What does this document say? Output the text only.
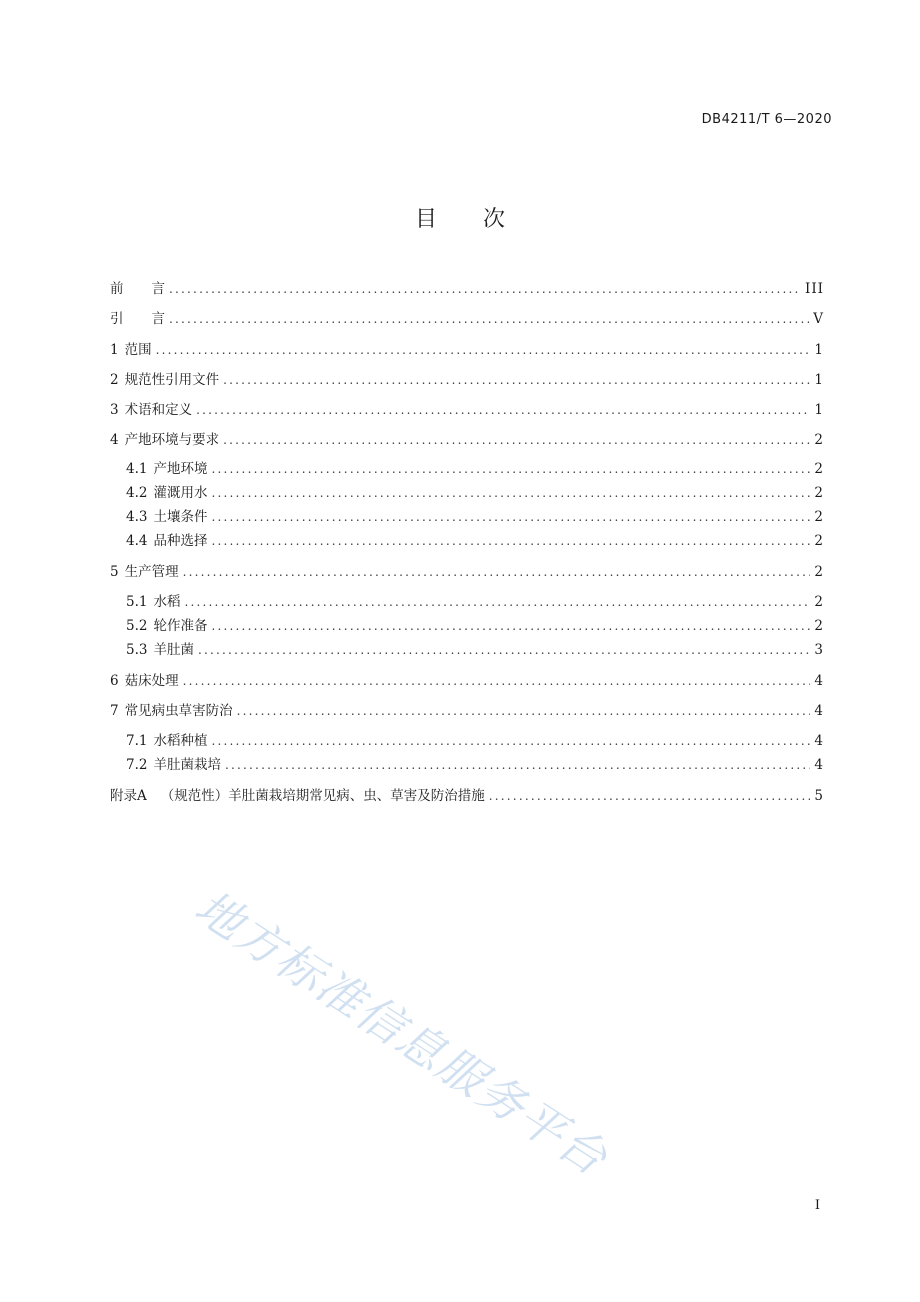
DB4211/T 6—2020
目 次
前 言 .....	III
引 言 .....	V
1 范围 .....	1
2 规范性引用文件 .....	1
3 术语和定义 .....	1
4 产地环境与要求 .....	2
4.1 产地环境 .....	2
4.2 灌溉用水 .....	2
4.3 土壤条件 .....	2
4.4 品种选择 .....	2
5 生产管理 .....	2
5.1 水稻 .....	2
5.2 轮作准备 .....	2
5.3 羊肚菌 .....	3
6 菇床处理 .....	4
7 常见病虫草害防治 .....	4
7.1 水稻种植 .....	4
7.2 羊肚菌栽培 .....	4
附录A （规范性）羊肚菌栽培期常见病、虫、草害及防治措施 .....	5
地方标准信息服务平台
I
